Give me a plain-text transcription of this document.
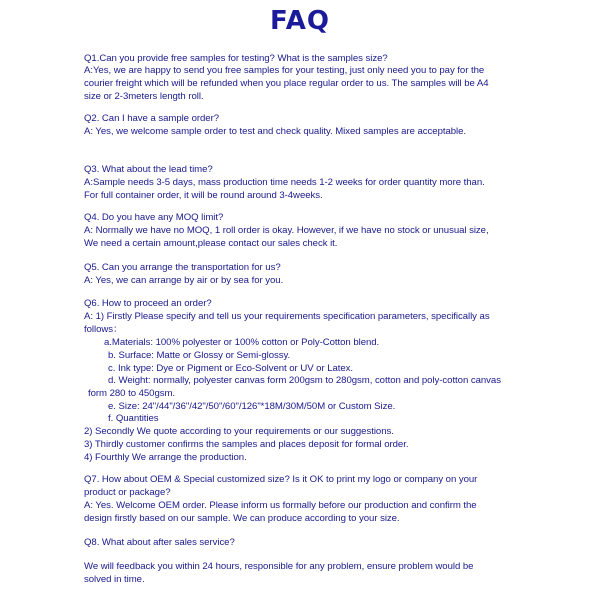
FAQ
Q1.Can you provide free samples for testing? What is the samples size?
A:Yes, we are happy to send you free samples for your testing, just only need you to pay for the
courier freight which will be refunded when you place regular order to us. The samples will be A4
size or 2-3meters length roll.
Q2. Can I have a sample order?
A: Yes, we welcome sample order to test and check quality. Mixed samples are acceptable.
Q3. What about the lead time?
A:Sample needs 3-5 days, mass production time needs 1-2 weeks for order quantity more than.
For full container order, it will be round around 3-4weeks.
Q4. Do you have any MOQ limit?
A: Normally we have no MOQ, 1 roll order is okay. However, if we have no stock or unusual size,
We need a certain amount,please contact our sales check it.
Q5. Can you arrange the transportation for us?
A: Yes, we can arrange by air or by sea for you.
Q6. How to proceed an order?
A: 1) Firstly Please specify and tell us your requirements specification parameters, specifically as
follows：
a.Materials: 100% polyester or 100% cotton or Poly-Cotton blend.
b. Surface: Matte or Glossy or Semi-glossy.
c. Ink type: Dye or Pigment or Eco-Solvent or UV or Latex.
d. Weight: normally, polyester canvas form 200gsm to 280gsm, cotton and poly-cotton canvas
form 280 to 450gsm.
e. Size: 24"/44"/36"/42"/50"/60"/126"*18M/30M/50M or Custom Size.
f. Quantities
2) Secondly We quote according to your requirements or our suggestions.
3) Thirdly customer confirms the samples and places deposit for formal order.
4) Fourthly We arrange the production.
Q7. How about OEM & Special customized size? Is it OK to print my logo or company on your
product or package?
A: Yes. Welcome OEM order. Please inform us formally before our production and confirm the
design firstly based on our sample. We can produce according to your size.
Q8. What about after sales service?
We will feedback you within 24 hours, responsible for any problem, ensure problem would be
solved in time.
